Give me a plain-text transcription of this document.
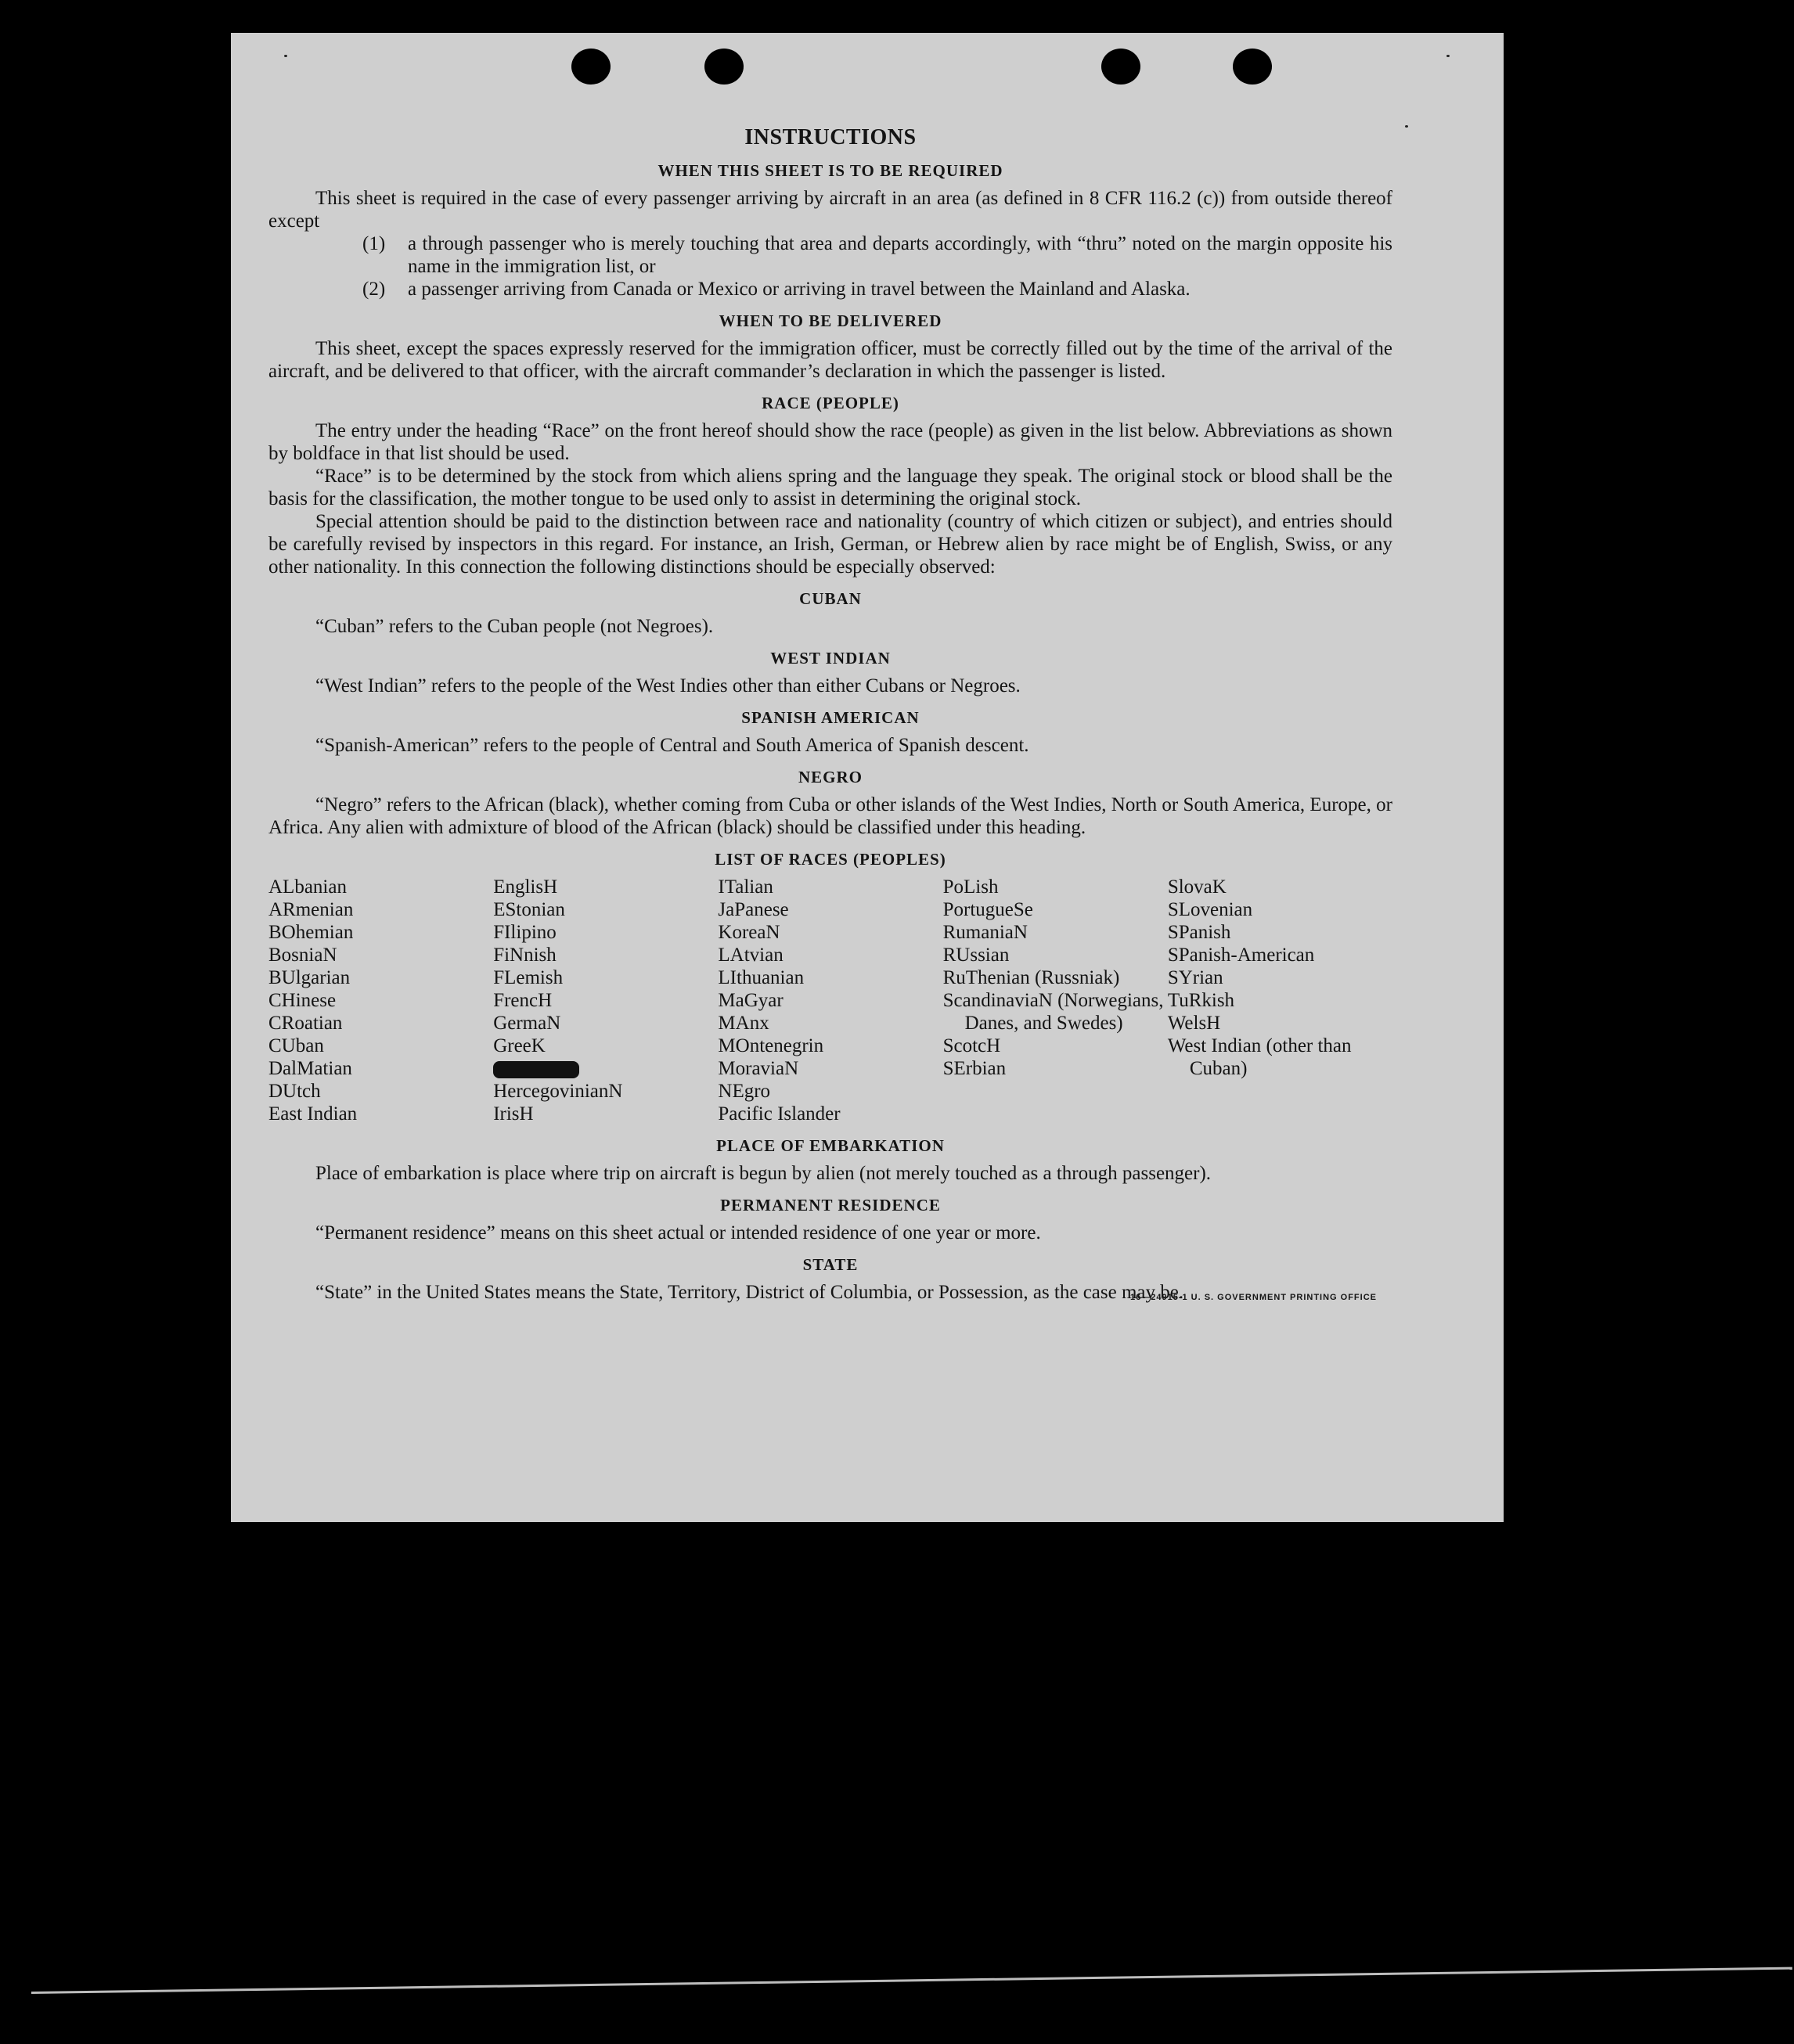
INSTRUCTIONS
WHEN THIS SHEET IS TO BE REQUIRED

This sheet is required in the case of every passenger arriving by aircraft in an area (as defined in 8 CFR 116.2 (c)) from outside thereof except

(1)	a through passenger who is merely touching that area and departs accordingly, with “thru” noted on the margin opposite his name in the immigration list, or
(2)	a passenger arriving from Canada or Mexico or arriving in travel between the Mainland and Alaska.
WHEN TO BE DELIVERED

This sheet, except the spaces expressly reserved for the immigration officer, must be correctly filled out by the time of the arrival of the aircraft, and be delivered to that officer, with the aircraft commander’s declaration in which the passenger is listed.

RACE (PEOPLE)

The entry under the heading “Race” on the front hereof should show the race (people) as given in the list below. Abbreviations as shown by boldface in that list should be used.

“Race” is to be determined by the stock from which aliens spring and the language they speak. The original stock or blood shall be the basis for the classification, the mother tongue to be used only to assist in determining the original stock.

Special attention should be paid to the distinction between race and nationality (country of which citizen or subject), and entries should be carefully revised by inspectors in this regard. For instance, an Irish, German, or Hebrew alien by race might be of English, Swiss, or any other nationality. In this connection the following distinctions should be especially observed:

CUBAN

“Cuban” refers to the Cuban people (not Negroes).

WEST INDIAN

“West Indian” refers to the people of the West Indies other than either Cubans or Negroes.

SPANISH AMERICAN

“Spanish-American” refers to the people of Central and South America of Spanish descent.

NEGRO

“Negro” refers to the African (black), whether coming from Cuba or other islands of the West Indies, North or South America, Europe, or Africa. Any alien with admixture of blood of the African (black) should be classified under this heading.

LIST OF RACES (PEOPLES)
ALbanian
ARmenian
BOhemian
BosniaN
BUlgarian
CHinese
CRoatian
CUban
DalMatian
DUtch
East Indian
EnglisH
EStonian
FIlipino
FiNnish
FLemish
FrencH
GermaN
GreeK
HercegovinianN
IrisH
ITalian
JaPanese
KoreaN
LAtvian
LIthuanian
MaGyar
MAnx
MOntenegrin
MoraviaN
NEgro
Pacific Islander
PoLish
PortugueSe
RumaniaN
RUssian
RuThenian (Russniak)
ScandinaviaN (Norwegians, Danes, and Swedes)
ScotcH
SErbian
SlovaK
SLovenian
SPanish
SPanish-American
SYrian
TuRkish
WelsH
West Indian (other than Cuban)
PLACE OF EMBARKATION

Place of embarkation is place where trip on aircraft is begun by alien (not merely touched as a through passenger).

PERMANENT RESIDENCE

“Permanent residence” means on this sheet actual or intended residence of one year or more.

STATE

“State” in the United States means the State, Territory, District of Columbia, or Possession, as the case may be.

16—24915-1 U. S. GOVERNMENT PRINTING OFFICE
